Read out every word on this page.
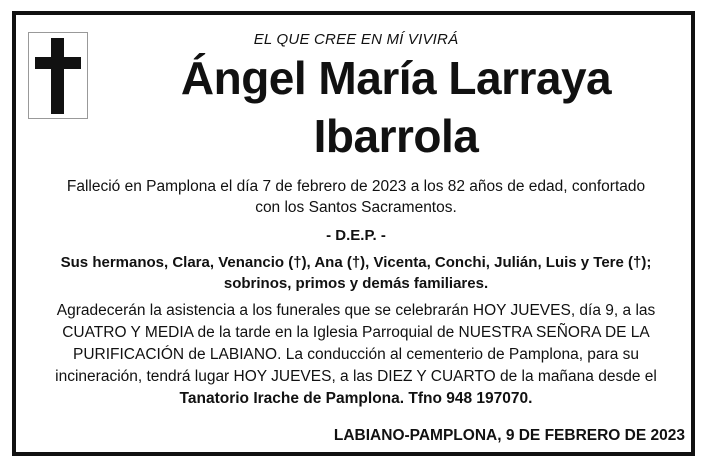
EL QUE CREE EN MÍ VIVIRÁ
Ángel María Larraya
Ibarrola
Falleció en Pamplona el día 7 de febrero de 2023 a los 82 años de edad, confortado
con los Santos Sacramentos.
- D.E.P. -
Sus hermanos, Clara, Venancio (†), Ana (†), Vicenta, Conchi, Julián, Luis y Tere (†);
sobrinos, primos y demás familiares.
Agradecerán la asistencia a los funerales que se celebrarán HOY JUEVES, día 9, a las
CUATRO Y MEDIA de la tarde en la Iglesia Parroquial de NUESTRA SEÑORA DE LA
PURIFICACIÓN de LABIANO. La conducción al cementerio de Pamplona, para su
incineración, tendrá lugar HOY JUEVES, a las DIEZ Y CUARTO de la mañana desde el
Tanatorio Irache de Pamplona. Tfno 948 197070.
LABIANO-PAMPLONA, 9 DE FEBRERO DE 2023
